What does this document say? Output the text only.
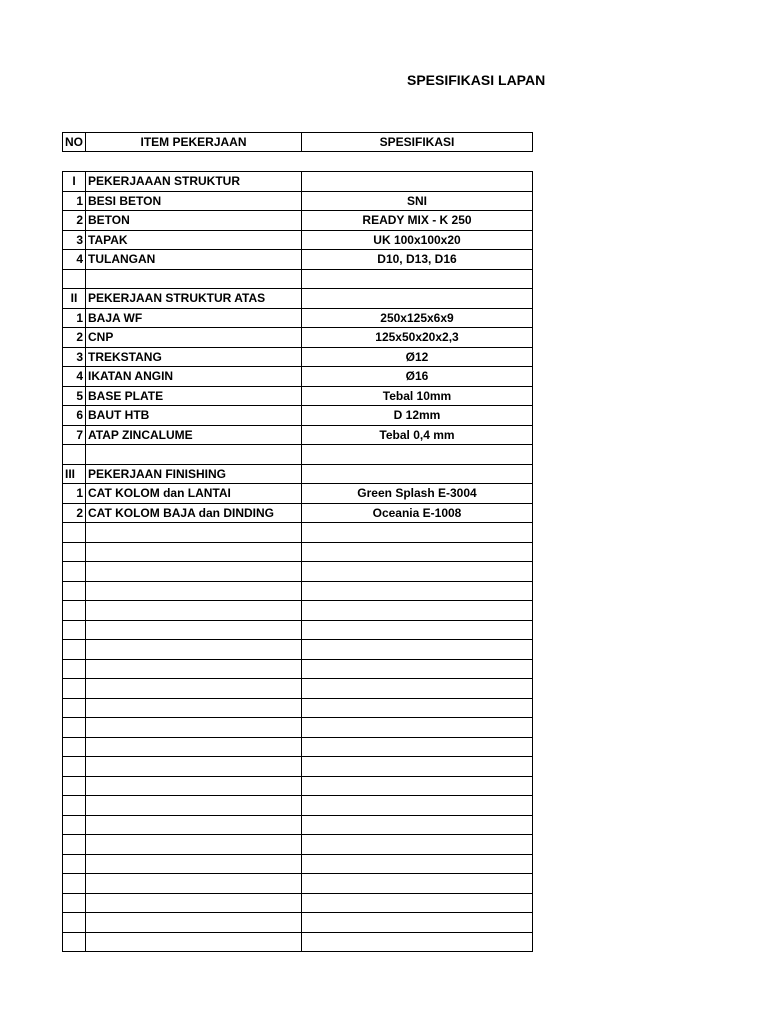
SPESIFIKASI LAPAN
NO	ITEM PEKERJAAN	SPESIFIKASI
I	PEKERJAAAN STRUKTUR	
1	BESI BETON	SNI
2	BETON	READY MIX - K 250
3	TAPAK	UK 100x100x20
4	TULANGAN	D10, D13, D16

II	PEKERJAAN STRUKTUR ATAS	
1	BAJA WF	250x125x6x9
2	CNP	125x50x20x2,3
3	TREKSTANG	Ø12
4	IKATAN ANGIN	Ø16
5	BASE PLATE	Tebal 10mm
6	BAUT HTB	D 12mm
7	ATAP ZINCALUME	Tebal 0,4 mm

III	PEKERJAAN FINISHING	
1	CAT KOLOM dan LANTAI	Green Splash E-3004
2	CAT KOLOM BAJA dan DINDING	Oceania E-1008
